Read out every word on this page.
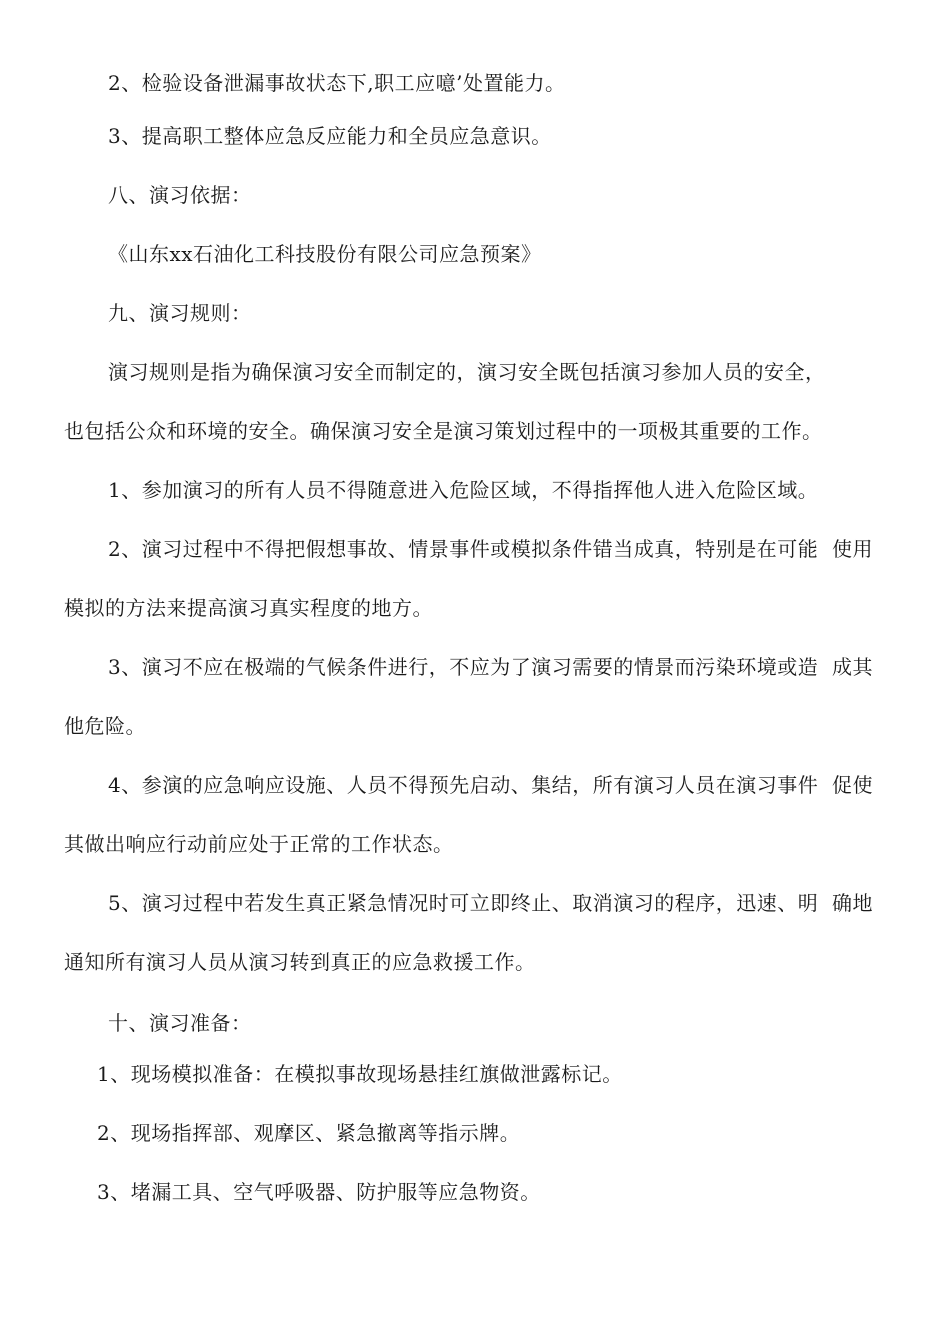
2、检验设备泄漏事故状态下,职工应噫’处置能力。
3、提高职工整体应急反应能力和全员应急意识。
八、演习依据：
《山东xx石油化工科技股份有限公司应急预案》
九、演习规则：
演习规则是指为确保演习安全而制定的，演习安全既包括演习参加人员的安全，
也包括公众和环境的安全。确保演习安全是演习策划过程中的一项极其重要的工作。
1、参加演习的所有人员不得随意进入危险区域，不得指挥他人进入危险区域。
2、演习过程中不得把假想事故、情景事件或模拟条件错当成真，特别是在可能  使用
模拟的方法来提高演习真实程度的地方。
3、演习不应在极端的气候条件进行，不应为了演习需要的情景而污染环境或造  成其
他危险。
4、参演的应急响应设施、人员不得预先启动、集结，所有演习人员在演习事件  促使
其做出响应行动前应处于正常的工作状态。
5、演习过程中若发生真正紧急情况时可立即终止、取消演习的程序，迅速、明  确地
通知所有演习人员从演习转到真正的应急救援工作。
十、演习准备：
1、现场模拟准备：在模拟事故现场悬挂红旗做泄露标记。
2、现场指挥部、观摩区、紧急撤离等指示牌。
3、堵漏工具、空气呼吸器、防护服等应急物资。
